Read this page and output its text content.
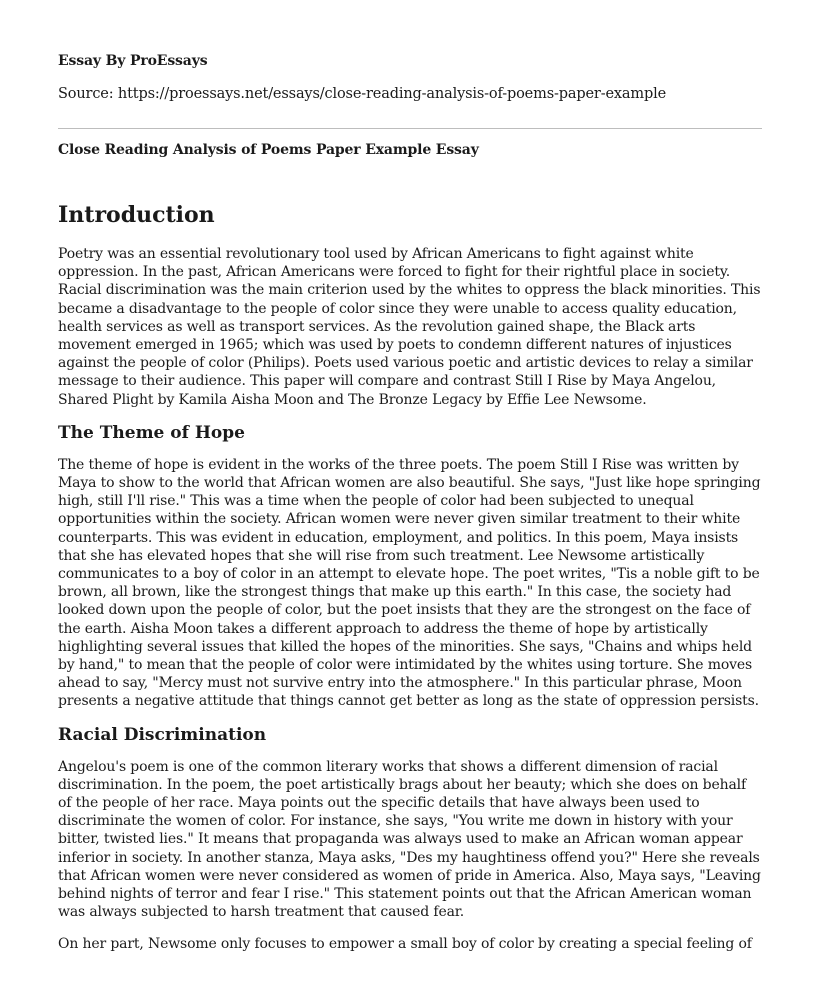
Essay By ProEssays

Source: https://proessays.net/essays/close-reading-analysis-of-poems-paper-example

Close Reading Analysis of Poems Paper Example Essay

Introduction

Poetry was an essential revolutionary tool used by African Americans to fight against white oppression. In the past, African Americans were forced to fight for their rightful place in society. Racial discrimination was the main criterion used by the whites to oppress the black minorities. This became a disadvantage to the people of color since they were unable to access quality education, health services as well as transport services. As the revolution gained shape, the Black arts movement emerged in 1965; which was used by poets to condemn different natures of injustices against the people of color (Philips). Poets used various poetic and artistic devices to relay a similar message to their audience. This paper will compare and contrast Still I Rise by Maya Angelou, Shared Plight by Kamila Aisha Moon and The Bronze Legacy by Effie Lee Newsome.

The Theme of Hope

The theme of hope is evident in the works of the three poets. The poem Still I Rise was written by Maya to show to the world that African women are also beautiful. She says, "Just like hope springing high, still I'll rise." This was a time when the people of color had been subjected to unequal opportunities within the society. African women were never given similar treatment to their white counterparts. This was evident in education, employment, and politics. In this poem, Maya insists that she has elevated hopes that she will rise from such treatment. Lee Newsome artistically communicates to a boy of color in an attempt to elevate hope. The poet writes, "Tis a noble gift to be brown, all brown, like the strongest things that make up this earth." In this case, the society had looked down upon the people of color, but the poet insists that they are the strongest on the face of the earth. Aisha Moon takes a different approach to address the theme of hope by artistically highlighting several issues that killed the hopes of the minorities. She says, "Chains and whips held by hand," to mean that the people of color were intimidated by the whites using torture. She moves ahead to say, "Mercy must not survive entry into the atmosphere." In this particular phrase, Moon presents a negative attitude that things cannot get better as long as the state of oppression persists.

Racial Discrimination

Angelou's poem is one of the common literary works that shows a different dimension of racial discrimination. In the poem, the poet artistically brags about her beauty; which she does on behalf of the people of her race. Maya points out the specific details that have always been used to discriminate the women of color. For instance, she says, "You write me down in history with your bitter, twisted lies." It means that propaganda was always used to make an African woman appear inferior in society. In another stanza, Maya asks, "Des my haughtiness offend you?" Here she reveals that African women were never considered as women of pride in America. Also, Maya says, "Leaving behind nights of terror and fear I rise." This statement points out that the African American woman was always subjected to harsh treatment that caused fear.

On her part, Newsome only focuses to empower a small boy of color by creating a special feeling of
